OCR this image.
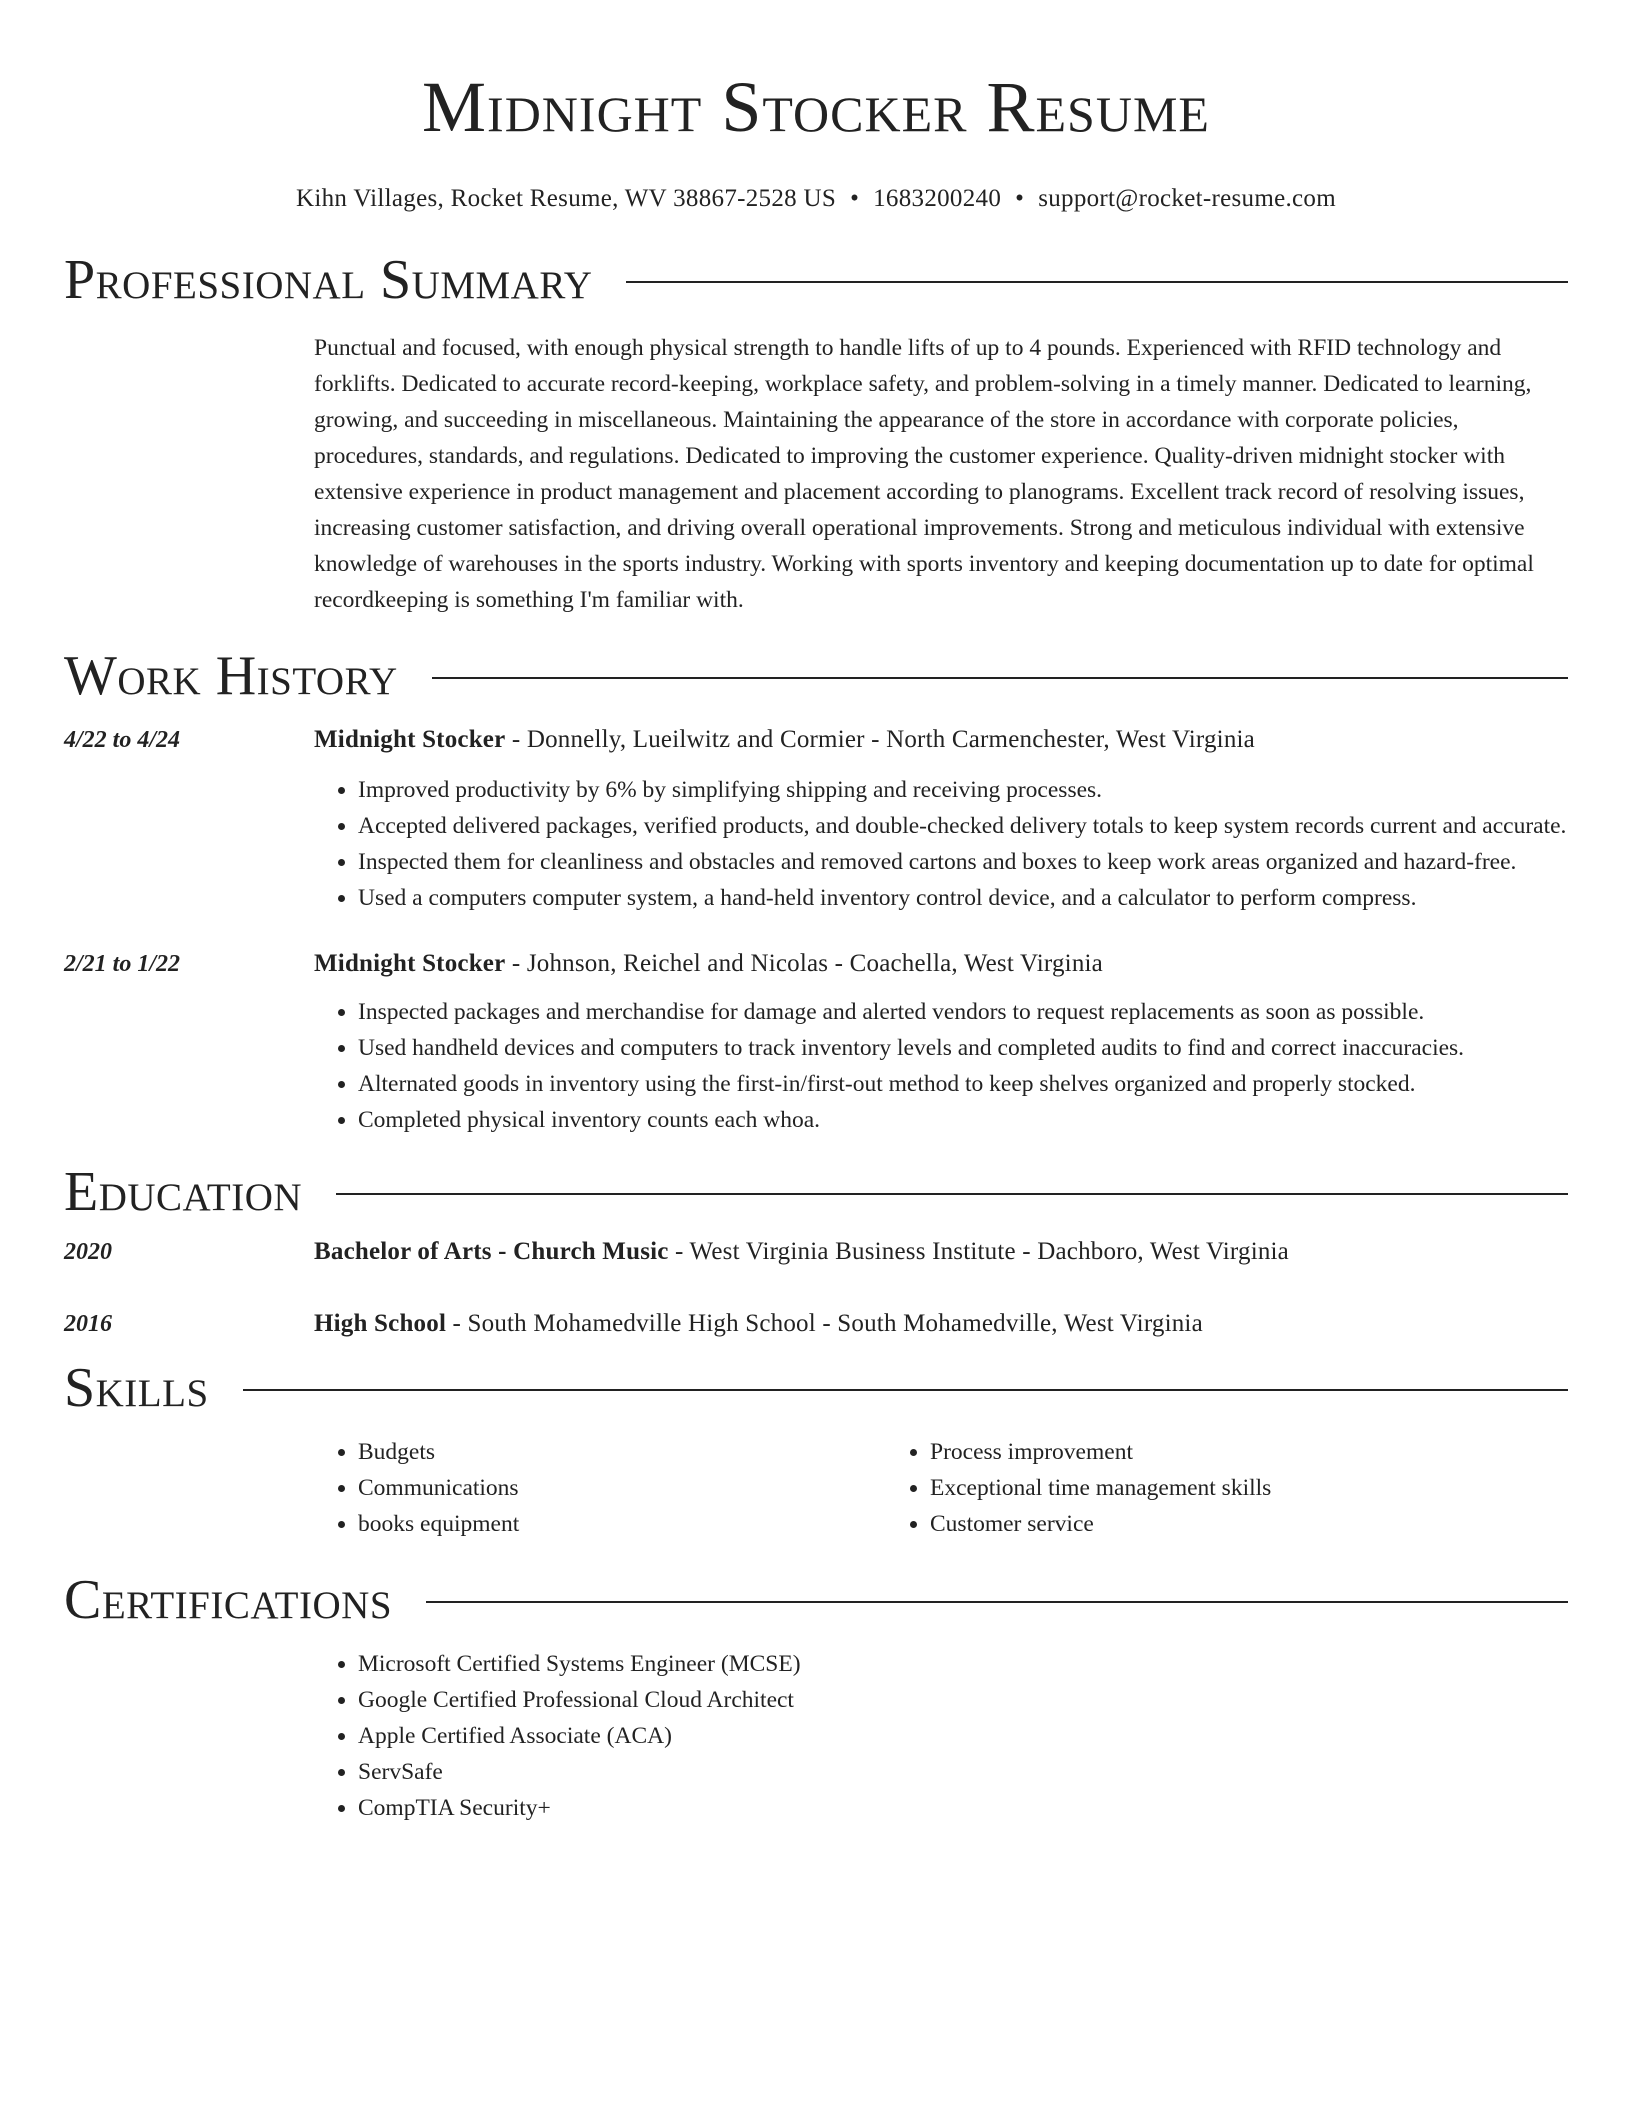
Midnight Stocker Resume
Kihn Villages, Rocket Resume, WV 38867-2528 US • 1683200240 • support@rocket-resume.com
Professional Summary
Punctual and focused, with enough physical strength to handle lifts of up to 4 pounds. Experienced with RFID technology and forklifts. Dedicated to accurate record-keeping, workplace safety, and problem-solving in a timely manner. Dedicated to learning, growing, and succeeding in miscellaneous. Maintaining the appearance of the store in accordance with corporate policies, procedures, standards, and regulations. Dedicated to improving the customer experience. Quality-driven midnight stocker with extensive experience in product management and placement according to planograms. Excellent track record of resolving issues, increasing customer satisfaction, and driving overall operational improvements. Strong and meticulous individual with extensive knowledge of warehouses in the sports industry. Working with sports inventory and keeping documentation up to date for optimal recordkeeping is something I'm familiar with.
Work History
4/22 to 4/24	Midnight Stocker - Donnelly, Lueilwitz and Cormier - North Carmenchester, West Virginia
• Improved productivity by 6% by simplifying shipping and receiving processes.
• Accepted delivered packages, verified products, and double-checked delivery totals to keep system records current and accurate.
• Inspected them for cleanliness and obstacles and removed cartons and boxes to keep work areas organized and hazard-free.
• Used a computers computer system, a hand-held inventory control device, and a calculator to perform compress.
2/21 to 1/22	Midnight Stocker - Johnson, Reichel and Nicolas - Coachella, West Virginia
• Inspected packages and merchandise for damage and alerted vendors to request replacements as soon as possible.
• Used handheld devices and computers to track inventory levels and completed audits to find and correct inaccuracies.
• Alternated goods in inventory using the first-in/first-out method to keep shelves organized and properly stocked.
• Completed physical inventory counts each whoa.
Education
2020	Bachelor of Arts - Church Music - West Virginia Business Institute - Dachboro, West Virginia
2016	High School - South Mohamedville High School - South Mohamedville, West Virginia
Skills
• Budgets
• Communications
• books equipment
• Process improvement
• Exceptional time management skills
• Customer service
Certifications
• Microsoft Certified Systems Engineer (MCSE)
• Google Certified Professional Cloud Architect
• Apple Certified Associate (ACA)
• ServSafe
• CompTIA Security+
